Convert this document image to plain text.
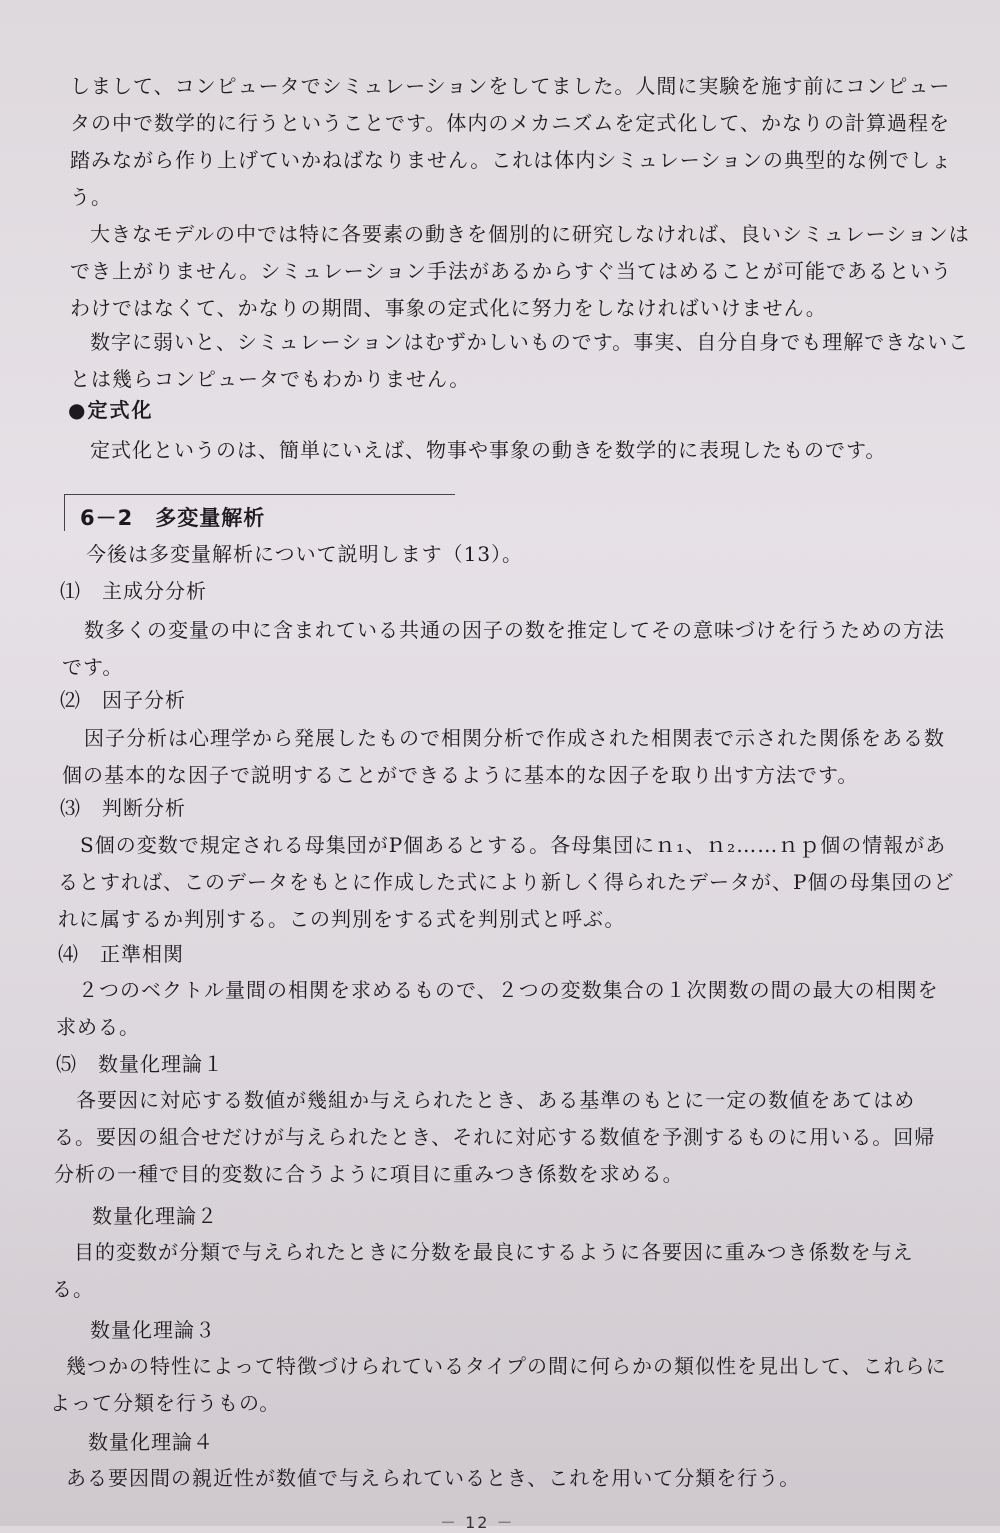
しまして、コンピュータでシミュレーションをしてました。人間に実験を施す前にコンピュータの中で数学的に行うということです。体内のメカニズムを定式化して、かなりの計算過程を踏みながら作り上げていかねばなりません。これは体内シミュレーションの典型的な例でしょう。

大きなモデルの中では特に各要素の動きを個別的に研究しなければ、良いシミュレーションはでき上がりません。シミュレーション手法があるからすぐ当てはめることが可能であるというわけではなくて、かなりの期間、事象の定式化に努力をしなければいけません。

数字に弱いと、シミュレーションはむずかしいものです。事実、自分自身でも理解できないことは幾らコンピュータでもわかりません。

●定式化

定式化というのは、簡単にいえば、物事や事象の動きを数学的に表現したものです。

6－2　多変量解析

今後は多変量解析について説明します（13）。

⑴　主成分分析

数多くの変量の中に含まれている共通の因子の数を推定してその意味づけを行うための方法です。

⑵　因子分析

因子分析は心理学から発展したもので相関分析で作成された相関表で示された関係をある数個の基本的な因子で説明することができるように基本的な因子を取り出す方法です。

⑶　判断分析

S個の変数で規定される母集団がP個あるとする。各母集団にｎ₁、ｎ₂……ｎｐ個の情報があるとすれば、このデータをもとに作成した式により新しく得られたデータが、P個の母集団のどれに属するか判別する。この判別をする式を判別式と呼ぶ。

⑷　正準相関

２つのベクトル量間の相関を求めるもので、２つの変数集合の１次関数の間の最大の相関を求める。

⑸　数量化理論１

各要因に対応する数値が幾組か与えられたとき、ある基準のもとに一定の数値をあてはめる。要因の組合せだけが与えられたとき、それに対応する数値を予測するものに用いる。回帰分析の一種で目的変数に合うように項目に重みつき係数を求める。

数量化理論２

目的変数が分類で与えられたときに分数を最良にするように各要因に重みつき係数を与える。

数量化理論３

幾つかの特性によって特徴づけられているタイプの間に何らかの類似性を見出して、これらによって分類を行うもの。

数量化理論４

ある要因間の親近性が数値で与えられているとき、これを用いて分類を行う。

－ 12 －
